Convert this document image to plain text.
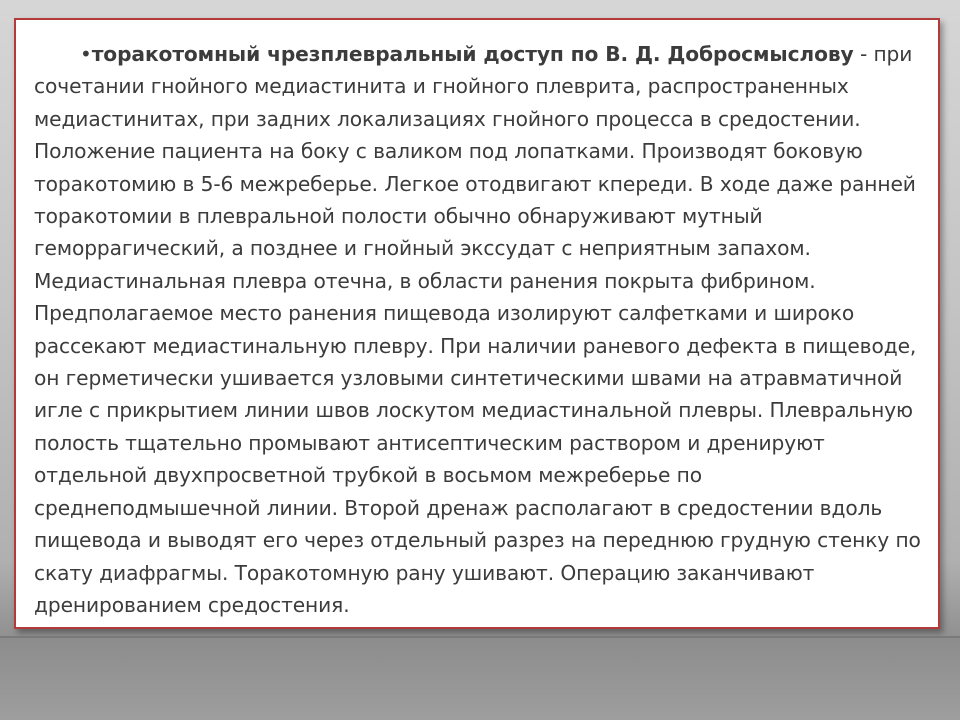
•торакотомный чрезплевральный доступ по В. Д. Добросмыслову - при сочетании гнойного медиастинита и гнойного плеврита, распространенных медиастинитах, при задних локализациях гнойного процесса в средостении. Положение пациента на боку с валиком под лопатками. Производят боковую торакотомию в 5-6 межреберье. Легкое отодвигают кпереди. В ходе даже ранней торакотомии в плевральной полости обычно обнаруживают мутный геморрагический, а позднее и гнойный экссудат с неприятным запахом. Медиастинальная плевра отечна, в области ранения покрыта фибрином. Предполагаемое место ранения пищевода изолируют салфетками и широко рассекают медиастинальную плевру. При наличии раневого дефекта в пищеводе, он герметически ушивается узловыми синтетическими швами на атравматичной игле с прикрытием линии швов лоскутом медиастинальной плевры. Плевральную полость тщательно промывают антисептическим раствором и дренируют отдельной двухпросветной трубкой в восьмом межреберье по среднеподмышечной линии. Второй дренаж располагают в средостении вдоль пищевода и выводят его через отдельный разрез на переднюю грудную стенку по скату диафрагмы. Торакотомную рану ушивают. Операцию заканчивают дренированием средостения.
